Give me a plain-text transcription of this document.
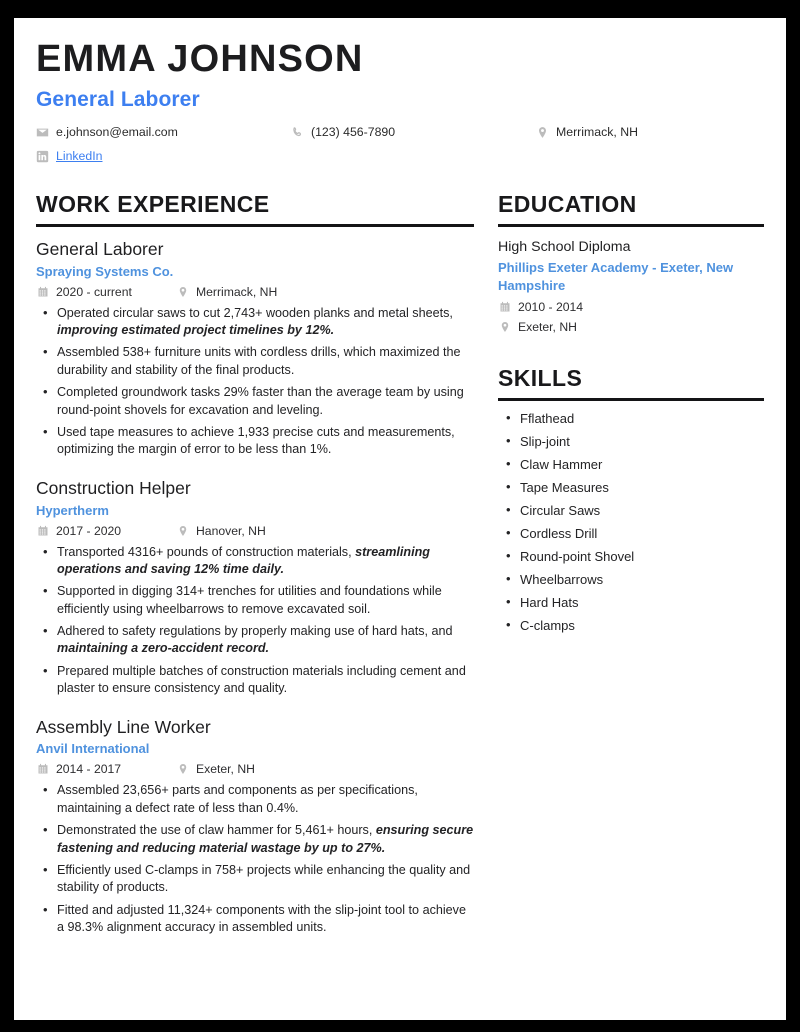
EMMA JOHNSON
General Laborer
e.johnson@email.com	(123) 456-7890	Merrimack, NH
LinkedIn
WORK EXPERIENCE
General Laborer
Spraying Systems Co.
2020 - current	Merrimack, NH
• Operated circular saws to cut 2,743+ wooden planks and metal sheets, improving estimated project timelines by 12%.
• Assembled 538+ furniture units with cordless drills, which maximized the durability and stability of the final products.
• Completed groundwork tasks 29% faster than the average team by using round-point shovels for excavation and leveling.
• Used tape measures to achieve 1,933 precise cuts and measurements, optimizing the margin of error to be less than 1%.
Construction Helper
Hypertherm
2017 - 2020	Hanover, NH
• Transported 4316+ pounds of construction materials, streamlining operations and saving 12% time daily.
• Supported in digging 314+ trenches for utilities and foundations while efficiently using wheelbarrows to remove excavated soil.
• Adhered to safety regulations by properly making use of hard hats, and maintaining a zero-accident record.
• Prepared multiple batches of construction materials including cement and plaster to ensure consistency and quality.
Assembly Line Worker
Anvil International
2014 - 2017	Exeter, NH
• Assembled 23,656+ parts and components as per specifications, maintaining a defect rate of less than 0.4%.
• Demonstrated the use of claw hammer for 5,461+ hours, ensuring secure fastening and reducing material wastage by up to 27%.
• Efficiently used C-clamps in 758+ projects while enhancing the quality and stability of products.
• Fitted and adjusted 11,324+ components with the slip-joint tool to achieve a 98.3% alignment accuracy in assembled units.
EDUCATION
High School Diploma
Phillips Exeter Academy - Exeter, New Hampshire
2010 - 2014
Exeter, NH
SKILLS
• Fflathead
• Slip-joint
• Claw Hammer
• Tape Measures
• Circular Saws
• Cordless Drill
• Round-point Shovel
• Wheelbarrows
• Hard Hats
• C-clamps
